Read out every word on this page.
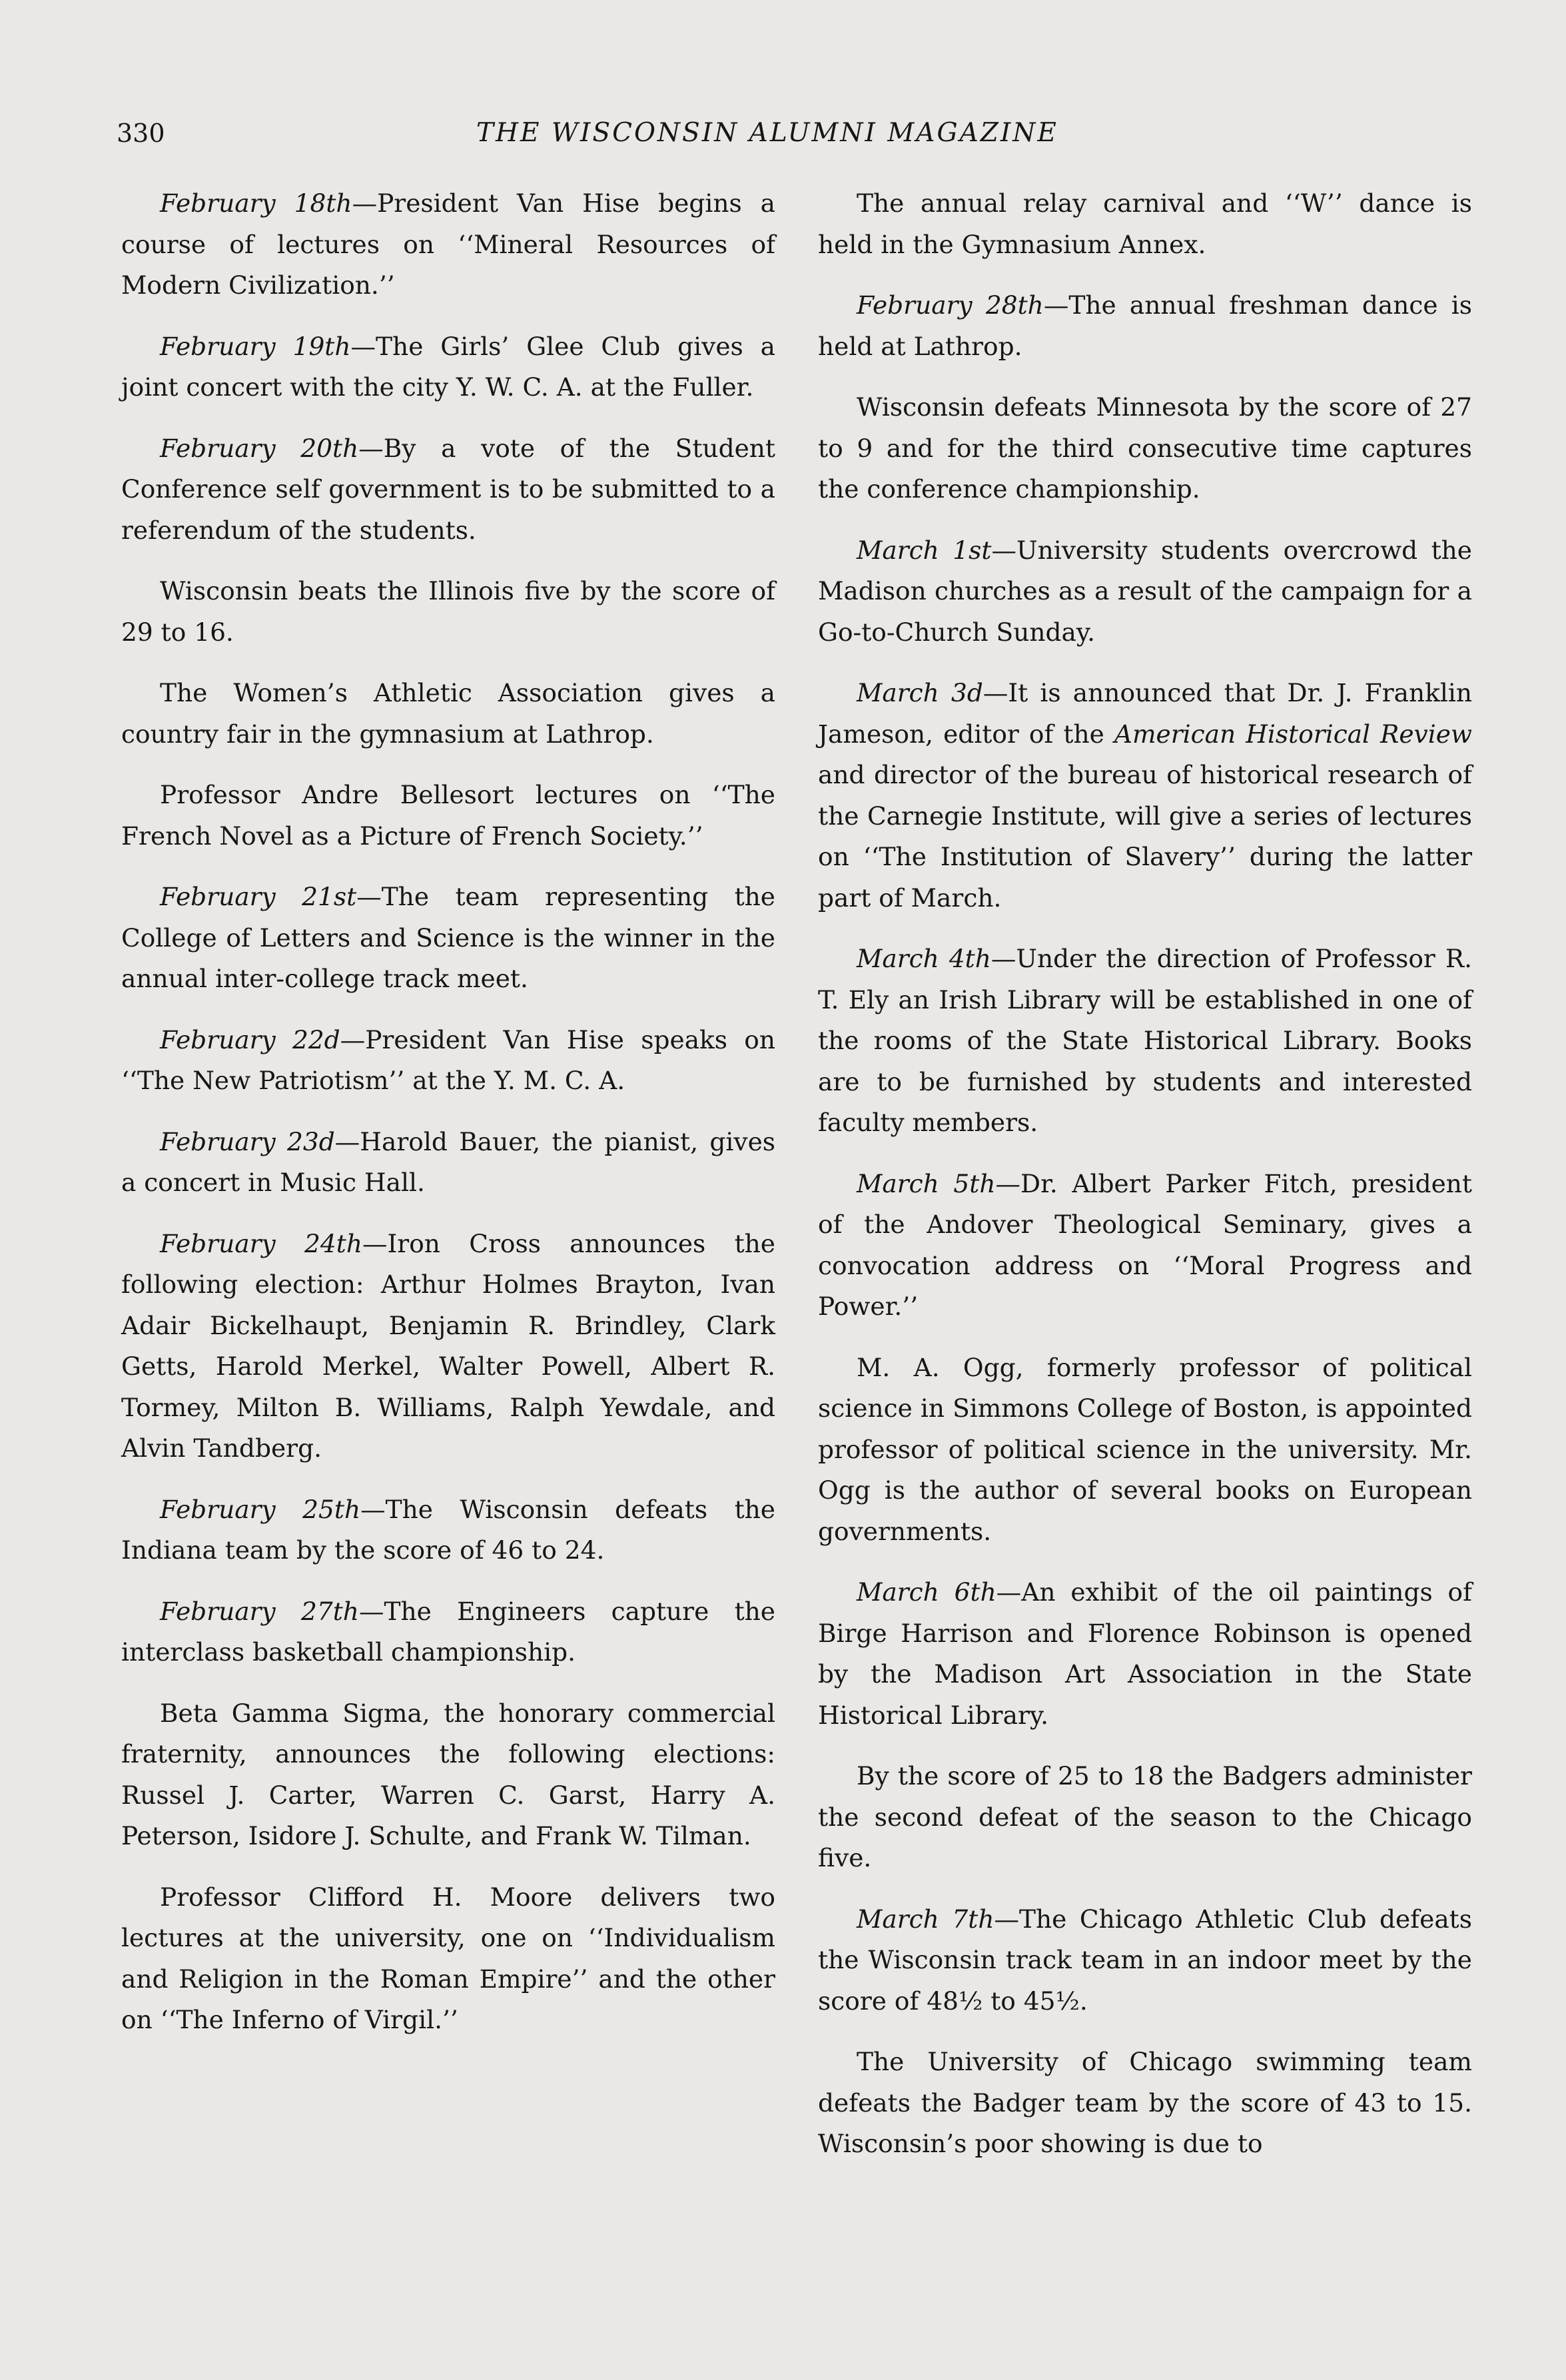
330	THE WISCONSIN ALUMNI MAGAZINE

February 18th—President Van Hise begins a course of lectures on ‘‘Mineral Resources of Modern Civilization.’’

February 19th—The Girls’ Glee Club gives a joint concert with the city Y. W. C. A. at the Fuller.

February 20th—By a vote of the Student Conference self government is to be submitted to a referendum of the students.

Wisconsin beats the Illinois five by the score of 29 to 16.

The Women’s Athletic Association gives a country fair in the gymnasium at Lathrop.

Professor Andre Bellesort lectures on ‘‘The French Novel as a Picture of French Society.’’

February 21st—The team representing the College of Letters and Science is the winner in the annual inter-college track meet.

February 22d—President Van Hise speaks on ‘‘The New Patriotism’’ at the Y. M. C. A.

February 23d—Harold Bauer, the pianist, gives a concert in Music Hall.

February 24th—Iron Cross announces the following election: Arthur Holmes Brayton, Ivan Adair Bickelhaupt, Benjamin R. Brindley, Clark Getts, Harold Merkel, Walter Powell, Albert R. Tormey, Milton B. Williams, Ralph Yewdale, and Alvin Tandberg.

February 25th—The Wisconsin defeats the Indiana team by the score of 46 to 24.

February 27th—The Engineers capture the interclass basketball championship.

Beta Gamma Sigma, the honorary commercial fraternity, announces the following elections: Russel J. Carter, Warren C. Garst, Harry A. Peterson, Isidore J. Schulte, and Frank W. Tilman.

Professor Clifford H. Moore delivers two lectures at the university, one on ‘‘Individualism and Religion in the Roman Empire’’ and the other on ‘‘The Inferno of Virgil.’’

The annual relay carnival and ‘‘W’’ dance is held in the Gymnasium Annex.

February 28th—The annual freshman dance is held at Lathrop.

Wisconsin defeats Minnesota by the score of 27 to 9 and for the third consecutive time captures the conference championship.

March 1st—University students overcrowd the Madison churches as a result of the campaign for a Go-to-Church Sunday.

March 3d—It is announced that Dr. J. Franklin Jameson, editor of the American Historical Review and director of the bureau of historical research of the Carnegie Institute, will give a series of lectures on ‘‘The Institution of Slavery’’ during the latter part of March.

March 4th—Under the direction of Professor R. T. Ely an Irish Library will be established in one of the rooms of the State Historical Library. Books are to be furnished by students and interested faculty members.

March 5th—Dr. Albert Parker Fitch, president of the Andover Theological Seminary, gives a convocation address on ‘‘Moral Progress and Power.’’

M. A. Ogg, formerly professor of political science in Simmons College of Boston, is appointed professor of political science in the university. Mr. Ogg is the author of several books on European governments.

March 6th—An exhibit of the oil paintings of Birge Harrison and Florence Robinson is opened by the Madison Art Association in the State Historical Library.

By the score of 25 to 18 the Badgers administer the second defeat of the season to the Chicago five.

March 7th—The Chicago Athletic Club defeats the Wisconsin track team in an indoor meet by the score of 48½ to 45½.

The University of Chicago swimming team defeats the Badger team by the score of 43 to 15. Wisconsin’s poor showing is due to
